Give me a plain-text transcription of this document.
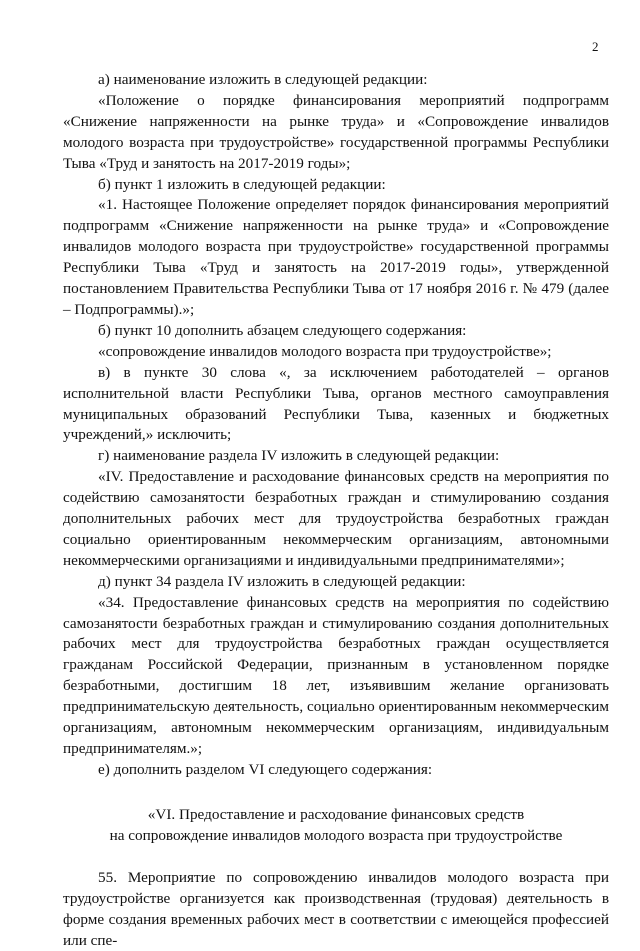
2

а) наименование изложить в следующей редакции:

«Положение о порядке финансирования мероприятий подпрограмм «Снижение напряженности на рынке труда» и «Сопровождение инвалидов молодого возраста при трудоустройстве» государственной программы Республики Тыва «Труд и занятость на 2017-2019 годы»;

б) пункт 1 изложить в следующей редакции:

«1. Настоящее Положение определяет порядок финансирования мероприятий подпрограмм «Снижение напряженности на рынке труда» и «Сопровождение инвалидов молодого возраста при трудоустройстве» государственной программы Республики Тыва «Труд и занятость на 2017-2019 годы», утвержденной постановлением Правительства Республики Тыва от 17 ноября 2016 г. № 479 (далее – Подпрограммы).»;

б) пункт 10 дополнить абзацем следующего содержания:

«сопровождение инвалидов молодого возраста при трудоустройстве»;

в) в пункте 30 слова «, за исключением работодателей – органов исполнительной власти Республики Тыва, органов местного самоуправления муниципальных образований Республики Тыва, казенных и бюджетных учреждений,» исключить;

г) наименование раздела IV изложить в следующей редакции:

«IV. Предоставление и расходование финансовых средств на мероприятия по содействию самозанятости безработных граждан и стимулированию создания дополнительных рабочих мест для трудоустройства безработных граждан социально ориентированным некоммерческим организациям, автономными некоммерческими организациями и индивидуальными предпринимателями»;

д) пункт 34 раздела IV изложить в следующей редакции:

«34. Предоставление финансовых средств на мероприятия по содействию самозанятости безработных граждан и стимулированию создания дополнительных рабочих мест для трудоустройства безработных граждан осуществляется гражданам Российской Федерации, признанным в установленном порядке безработными, достигшим 18 лет, изъявившим желание организовать предпринимательскую деятельность, социально ориентированным некоммерческим организациям, автономным некоммерческим организациям, индивидуальным предпринимателям.»;

е) дополнить разделом VI следующего содержания:

«VI. Предоставление и расходование финансовых средств
на сопровождение инвалидов молодого возраста при трудоустройстве

55. Мероприятие по сопровождению инвалидов молодого возраста при трудоустройстве организуется как производственная (трудовая) деятельность в форме создания временных рабочих мест в соответствии с имеющейся профессией или спе-
